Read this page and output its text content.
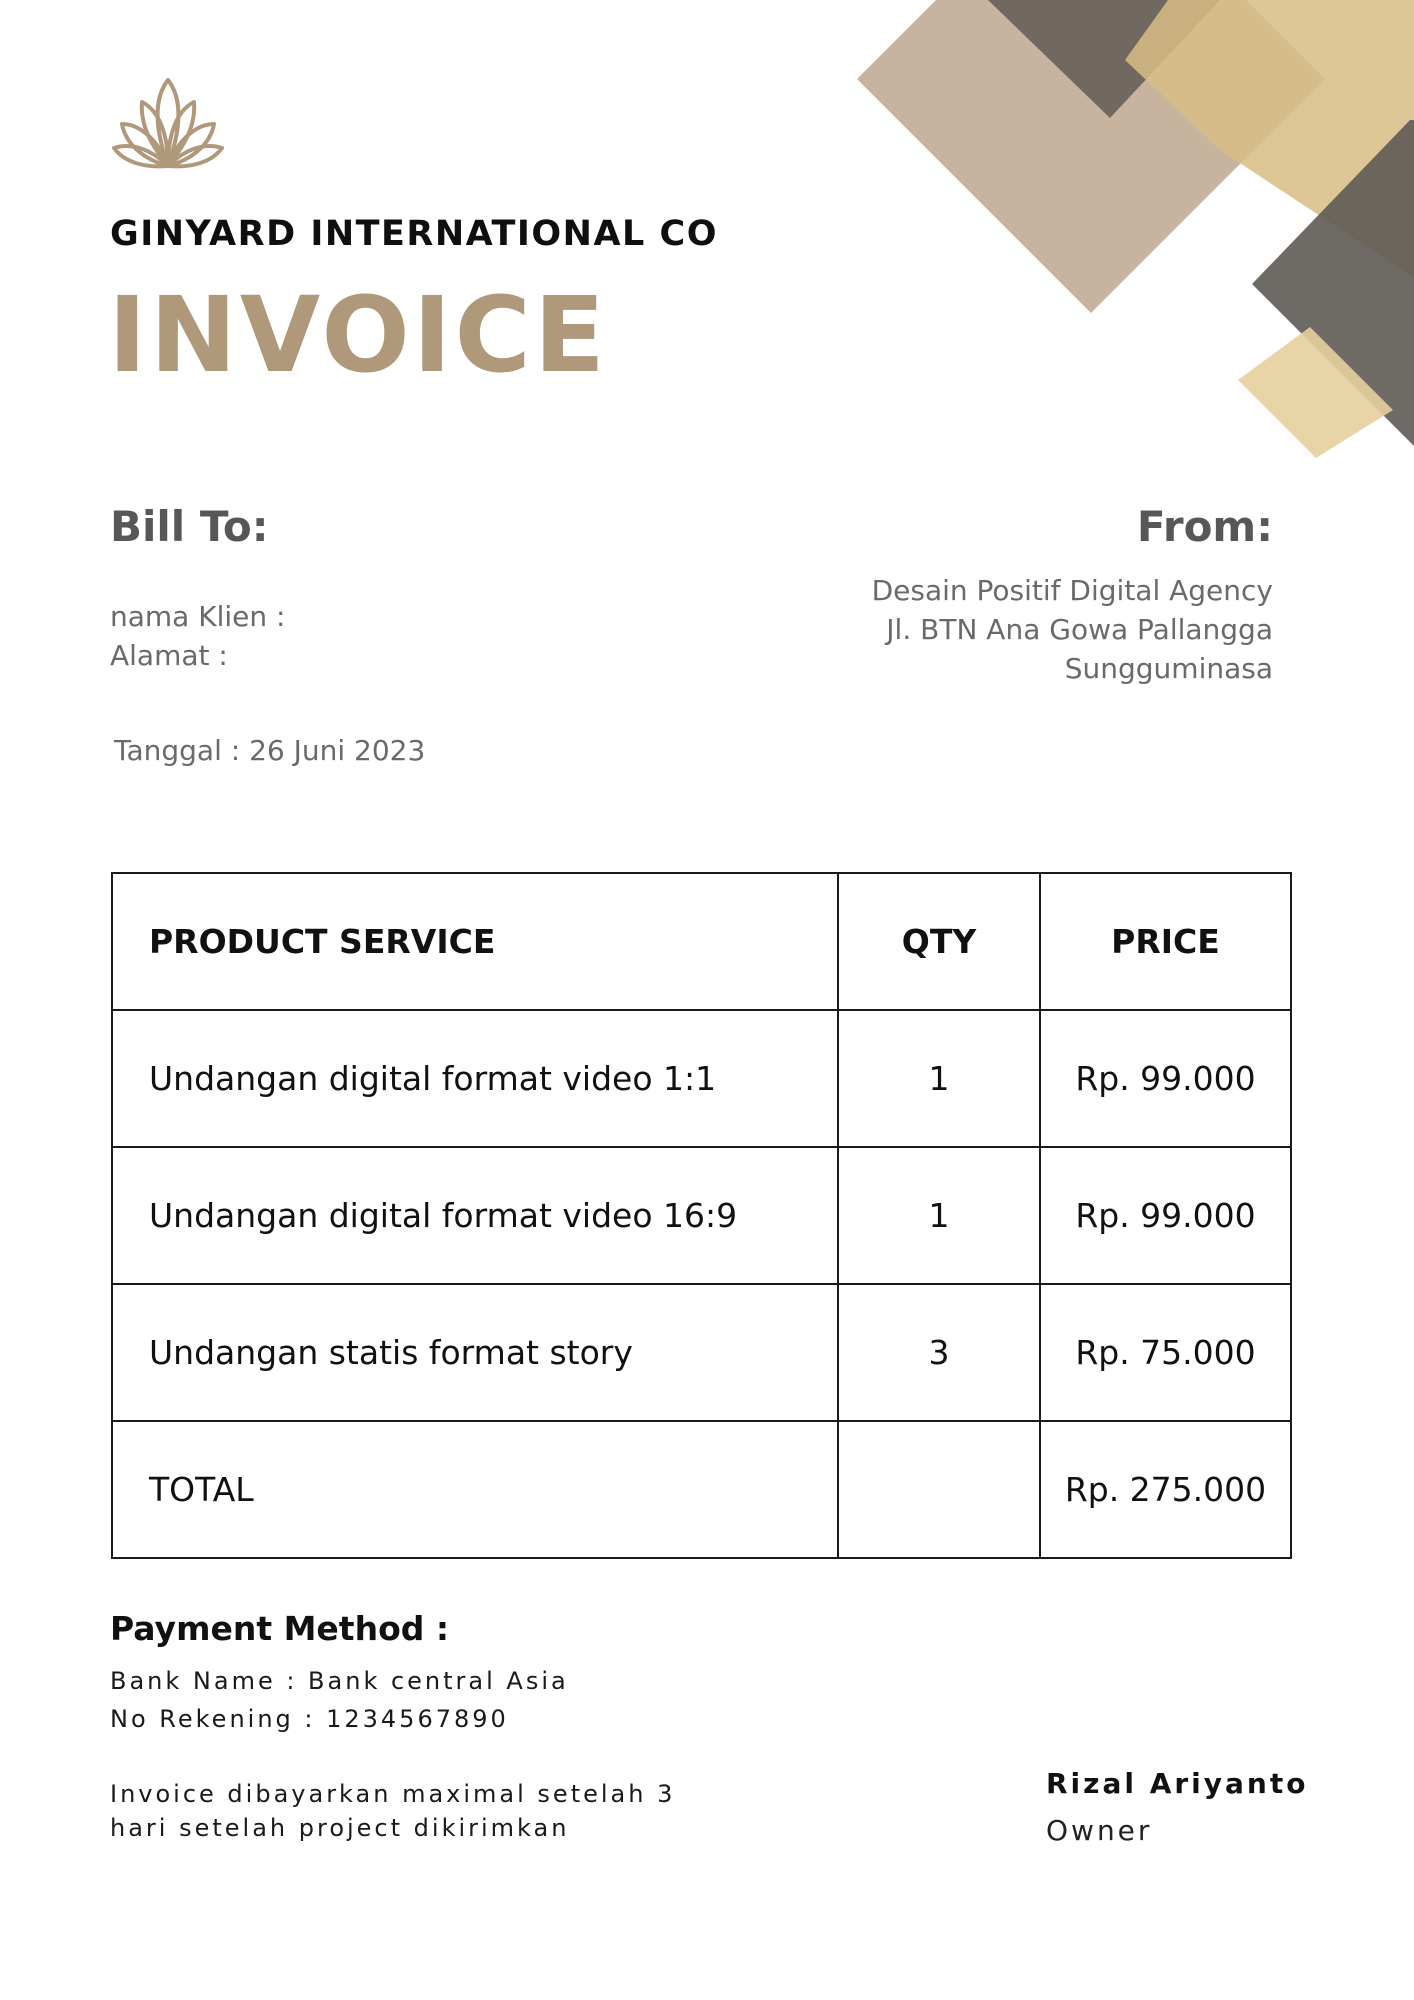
GINYARD INTERNATIONAL CO
INVOICE
Bill To:	From:
nama Klien :
Alamat :
Desain Positif Digital Agency
Jl. BTN Ana Gowa Pallangga
Sungguminasa
Tanggal : 26 Juni 2023
PRODUCT SERVICE	QTY	PRICE
Undangan digital format video 1:1	1	Rp. 99.000
Undangan digital format video 16:9	1	Rp. 99.000
Undangan statis format story	3	Rp. 75.000
TOTAL		Rp. 275.000
Payment Method :
Bank Name : Bank central Asia
No Rekening : 1234567890
Invoice dibayarkan maximal setelah 3
hari setelah project dikirimkan
Rizal Ariyanto
Owner
